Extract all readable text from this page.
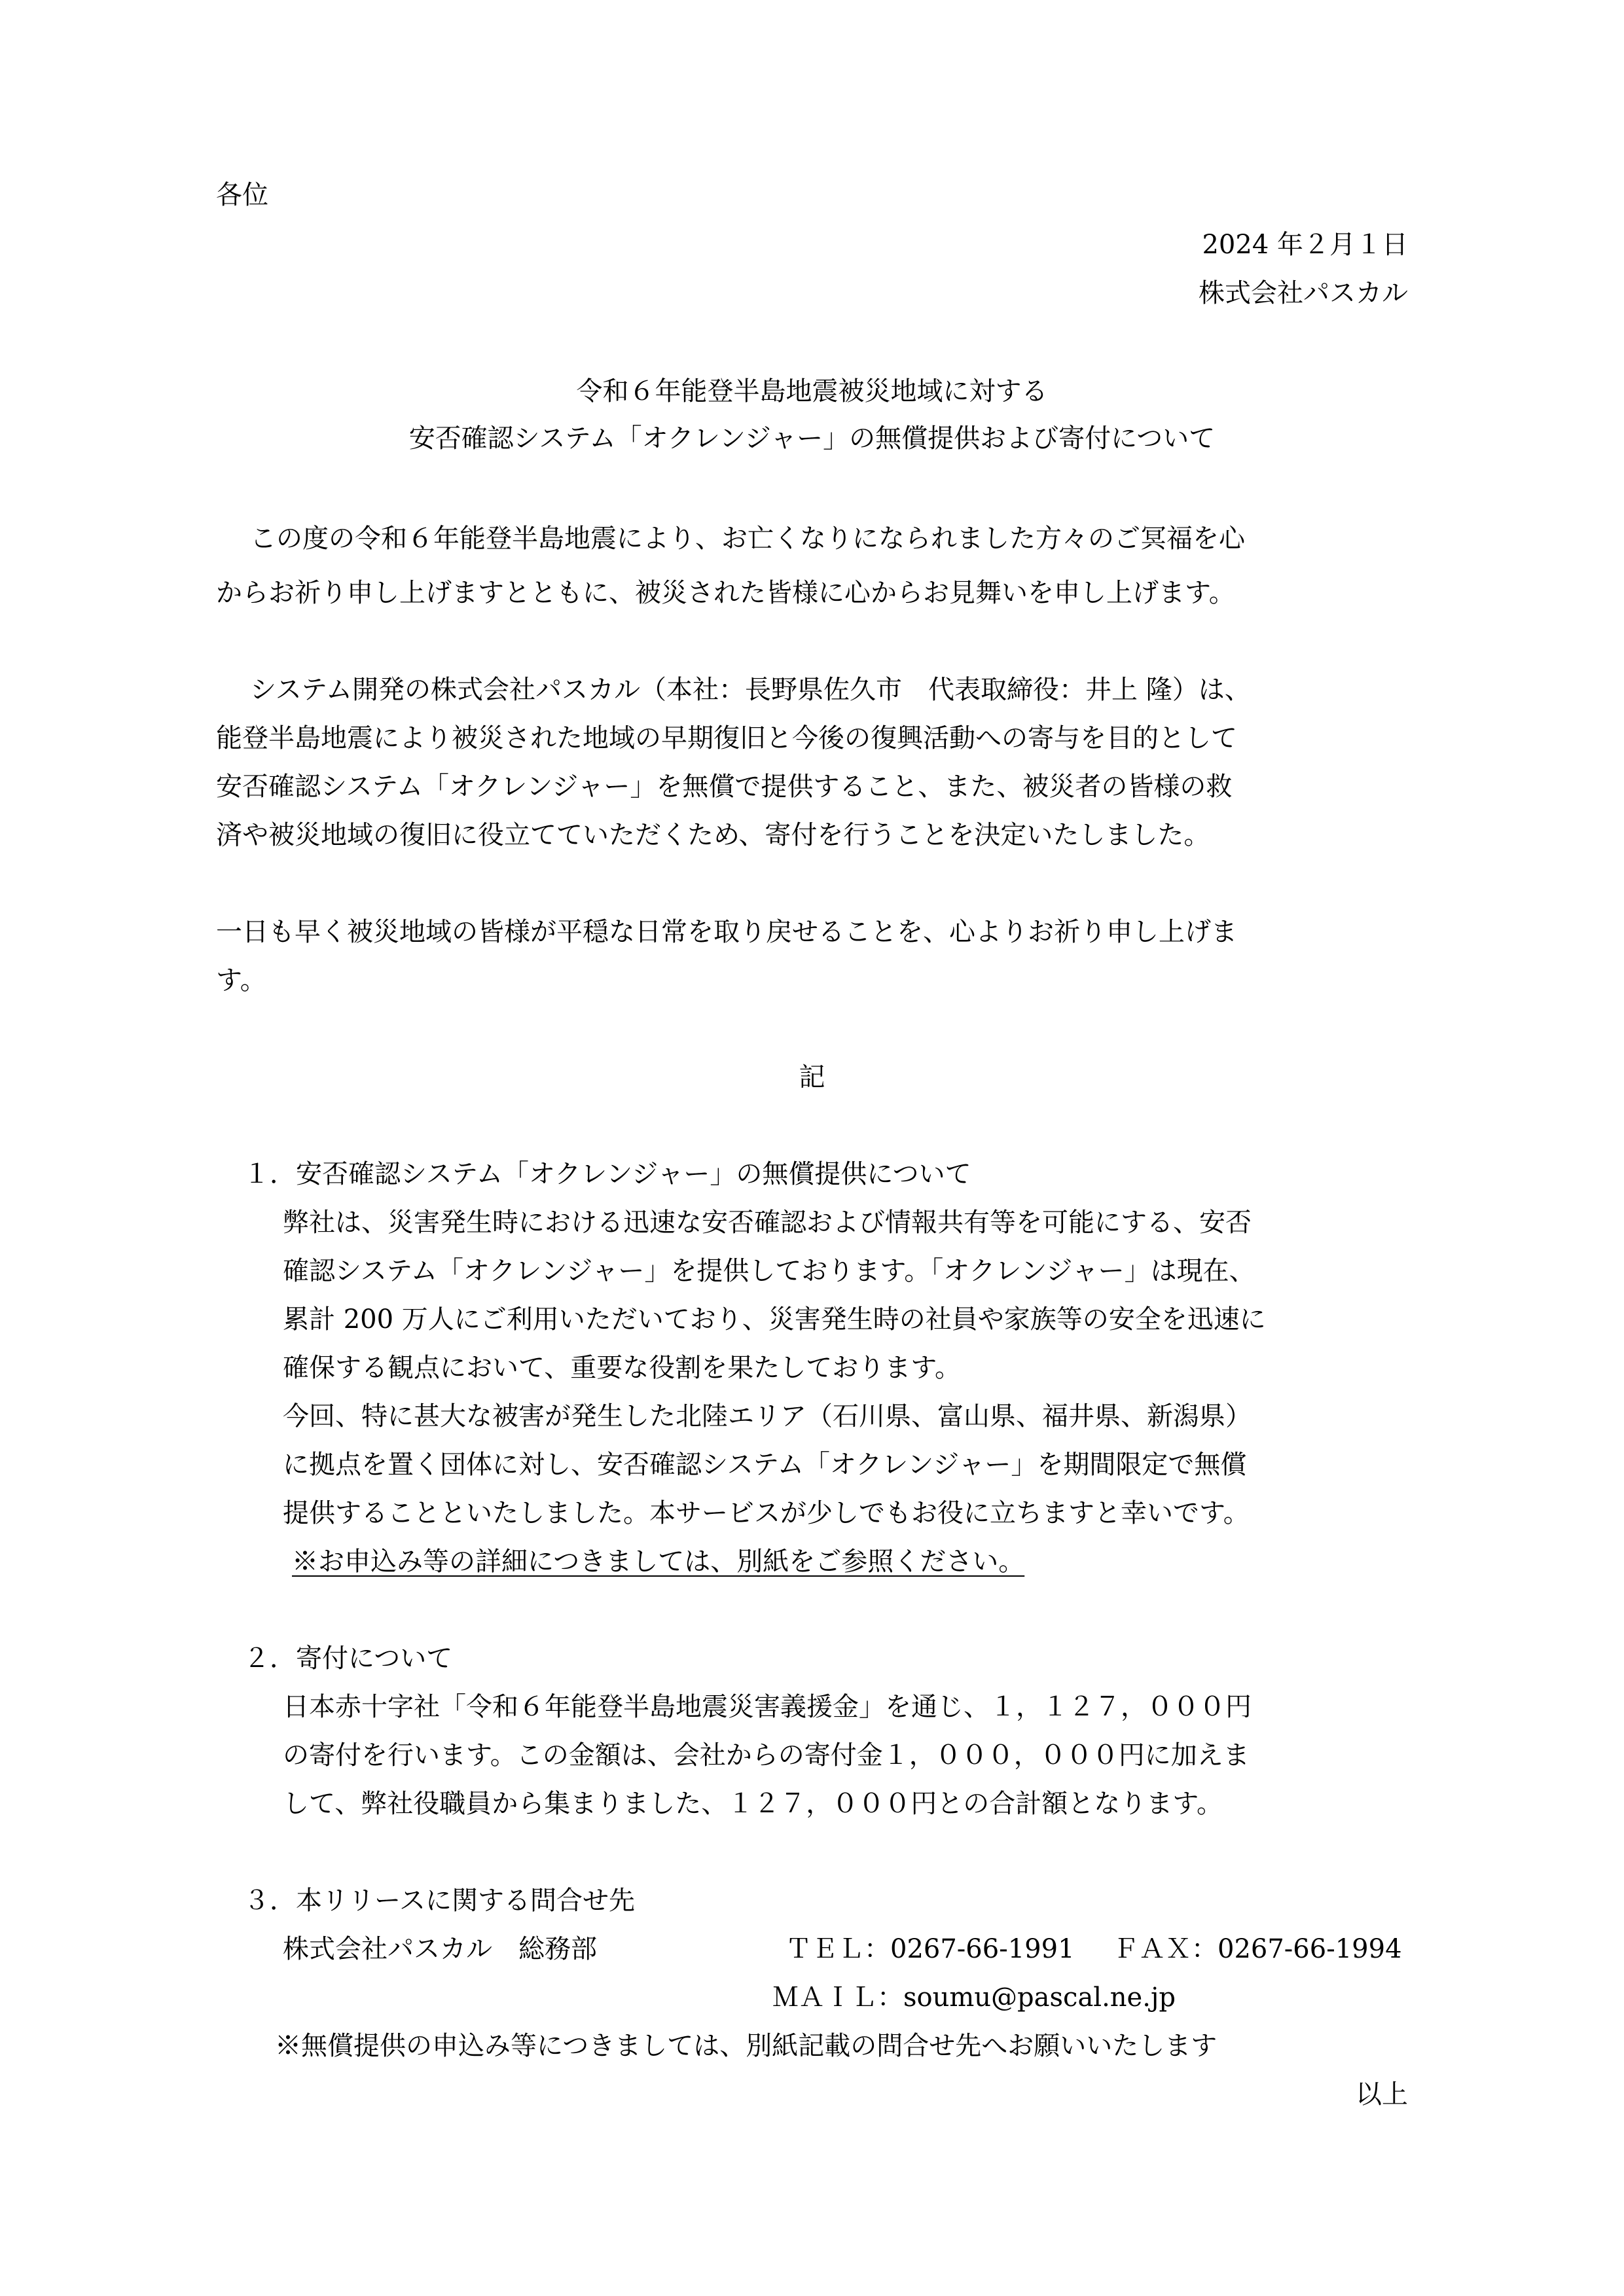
各位

2024 年２月１日

株式会社パスカル

令和６年能登半島地震被災地域に対する

安否確認システム「オクレンジャー」の無償提供および寄付について

この度の令和６年能登半島地震により、お亡くなりになられました方々のご冥福を心

からお祈り申し上げますとともに、被災された皆様に心からお見舞いを申し上げます。

システム開発の株式会社パスカル（本社：長野県佐久市　代表取締役：井上 隆）は、

能登半島地震により被災された地域の早期復旧と今後の復興活動への寄与を目的として

安否確認システム「オクレンジャー」を無償で提供すること、また、被災者の皆様の救

済や被災地域の復旧に役立てていただくため、寄付を行うことを決定いたしました。

一日も早く被災地域の皆様が平穏な日常を取り戻せることを、心よりお祈り申し上げま

す。

記

１．安否確認システム「オクレンジャー」の無償提供について

弊社は、災害発生時における迅速な安否確認および情報共有等を可能にする、安否

確認システム「オクレンジャー」を提供しております。「オクレンジャー」は現在、

累計 200 万人にご利用いただいており、災害発生時の社員や家族等の安全を迅速に

確保する観点において、重要な役割を果たしております。

今回、特に甚大な被害が発生した北陸エリア（石川県、富山県、福井県、新潟県）

に拠点を置く団体に対し、安否確認システム「オクレンジャー」を期間限定で無償

提供することといたしました。本サービスが少しでもお役に立ちますと幸いです。

※お申込み等の詳細につきましては、別紙をご参照ください。

２．寄付について

日本赤十字社「令和６年能登半島地震災害義援金」を通じ、１，１２７，０００円

の寄付を行います。この金額は、会社からの寄付金１，０００，０００円に加えま

して、弊社役職員から集まりました、１２７，０００円との合計額となります。

３．本リリースに関する問合せ先

株式会社パスカル　総務部	ＴＥＬ：0267-66-1991 ＦＡＸ：0267-66-1994

ＭＡＩＬ：soumu@pascal.ne.jp

※無償提供の申込み等につきましては、別紙記載の問合せ先へお願いいたします

以上
